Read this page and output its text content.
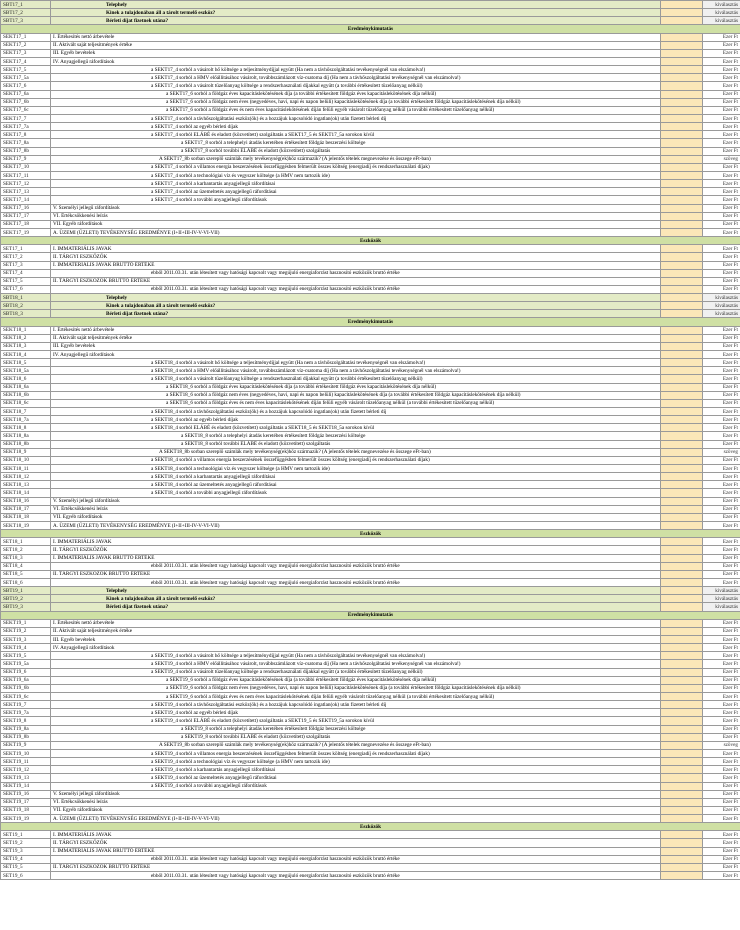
SBT17_1	Telephely		kiválasztás
SBT17_2	Kinek a tulajdonában áll a tárolt termelő eszköz?		kiválasztás
SBT17_3	Bérleti díjat fizetnek utána?		kiválasztás
Eredménykimutatás			
SEKT17_1	I. Értékesítés nettó árbevétele		Ezer Ft
SEKT17_2	II. Aktivált saját teljesítmények értéke		Ezer Ft
SEKT17_3	III. Egyéb bevételek		Ezer Ft
SEKT17_4	IV. Anyagjellegű ráfordítások		Ezer Ft
SEKT17_5	a SEKT17_4 sorból a vásárolt hő költsége a teljesítménydíjjal együtt (Ha nem a távhőszolgáltatási tevékenységnél van elszámolva!)		Ezer Ft
SEKT17_5a	a SEKT17_4 sorból a HMV előállításához vásárolt, továbbszámlázott víz-csatorna díj (Ha nem a távhőszolgáltatási tevékenységnél van elszámolva!)		Ezer Ft
SEKT17_6	a SEKT17_4 sorból a vásárolt tüzelőanyag költsége a rendszerhasználati díjakkal együtt (a további értékesített tüzelőanyag nélkül)		Ezer Ft
SEKT17_6a	a SEKT17_6 sorból a földgáz éves kapacitáslekötésének díja (a további értékesített földgáz éves kapacitáslekötésének díja nélkül)		Ezer Ft
SEKT17_6b	a SEKT17_6 sorból a földgáz nem éves (negyedéves, havi, napi és napon belüli) kapacitáslekötésének díja (a további értékesített földgáz kapacitáslekötésének díja nélkül)		Ezer Ft
SEKT17_6c	a SEKT17_6 sorból a földgáz éves és nem éves kapacitáslekötésének díján felüli egyéb vásárolt tüzelőanyag nélkül (a további értékesített tüzelőanyag nélkül)		Ezer Ft
SEKT17_7	a SEKT17_4 sorból a távhőszolgáltatási eszköz(ök) és a hozzájuk kapcsolódó ingatlan(ok) után fizetett bérleti díj		Ezer Ft
SEKT17_7a	a SEKT17_4 sorból az egyéb bérleti díjak		Ezer Ft
SEKT17_8	a SEKT17_4 sorból ELÁBÉ és eladott (közvetített) szolgáltatás a SEKT17_5 és SEKT17_5a sorokon kívül		Ezer Ft
SEKT17_8a	a SEKT17_8 sorból a telephelyi átadás keretében értékesített földgáz beszerzési költsége		Ezer Ft
SEKT17_8b	a SEKT17_8 sorból további ELÁBÉ és eladott (közvetített) szolgáltatás		Ezer Ft
SEKT17_9	A SEKT17_8b sorban szereplő számlák mely tevékenység(ek)höz származik? (A jelentős tételek megnevezése és összege eFt-ban)		szöveg
SEKT17_10	a SEKT17_4 sorból a villamos energia beszerzésének összefüggésben felmerült összes költség (energiadíj és rendszerhasználati díjak)		Ezer Ft
SEKT17_11	a SEKT17_4 sorból a technológiai víz és vegyszer költsége (a HMV nem tartozik ide)		Ezer Ft
SEKT17_12	a SEKT17_4 sorból a karbantartás anyagjellegű ráfordításai		Ezer Ft
SEKT17_13	a SEKT17_4 sorból az üzemeltetés anyagjellegű ráfordításai		Ezer Ft
SEKT17_14	a SEKT17_4 sorból a további anyagjellegű ráfordítások		Ezer Ft
SEKT17_16	V. Személyi jellegű ráfordítások		Ezer Ft
SEKT17_17	VI. Értékcsökkenési leírás		Ezer Ft
SEKT17_18	VII. Egyéb ráfordítások		Ezer Ft
SEKT17_19	A. ÜZEMI (ÜZLETI) TEVÉKENYSÉG EREDMÉNYE (I+II+III-IV-V-VI-VII)		Ezer Ft
Eszközök			
SET17_1	I. IMMATERIÁLIS JAVAK		Ezer Ft
SET17_2	II. TÁRGYI ESZKÖZÖK		Ezer Ft
SET17_3	I. IMMATERIÁLIS JAVAK BRUTTÓ ÉRTÉKE		Ezer Ft
SET17_4	ebből 2011.03.31. után létesített vagy hatósági kapcsolt vagy megújuló energiaforrást hasznosító eszközök bruttó értéke		Ezer Ft
SET17_5	II. TÁRGYI ESZKÖZÖK BRUTTÓ ÉRTÉKE		Ezer Ft
SET17_6	ebből 2011.03.31. után létesített vagy hatósági kapcsolt vagy megújuló energiaforrást hasznosító eszközök bruttó értéke		Ezer Ft
SBT18_1	Telephely		kiválasztás
SBT18_2	Kinek a tulajdonában áll a tárolt termelő eszköz?		kiválasztás
SBT18_3	Bérleti díjat fizetnek utána?		kiválasztás
Eredménykimutatás			
SEKT18_1	I. Értékesítés nettó árbevétele		Ezer Ft
SEKT18_2	II. Aktivált saját teljesítmények értéke		Ezer Ft
SEKT18_3	III. Egyéb bevételek		Ezer Ft
SEKT18_4	IV. Anyagjellegű ráfordítások		Ezer Ft
SEKT18_5	a SEKT18_4 sorból a vásárolt hő költsége a teljesítménydíjjal együtt (Ha nem a távhőszolgáltatási tevékenységnél van elszámolva!)		Ezer Ft
SEKT18_5a	a SEKT18_4 sorból a HMV előállításához vásárolt, továbbszámlázott víz-csatorna díj (Ha nem a távhőszolgáltatási tevékenységnél van elszámolva!)		Ezer Ft
SEKT18_6	a SEKT18_4 sorból a vásárolt tüzelőanyag költsége a rendszerhasználati díjakkal együtt (a további értékesített tüzelőanyag nélkül)		Ezer Ft
SEKT18_6a	a SEKT18_6 sorból a földgáz éves kapacitáslekötésének díja (a további értékesített földgáz éves kapacitáslekötésének díja nélkül)		Ezer Ft
SEKT18_6b	a SEKT18_6 sorból a földgáz nem éves (negyedéves, havi, napi és napon belüli) kapacitáslekötésének díja (a további értékesített földgáz kapacitáslekötésének díja nélkül)		Ezer Ft
SEKT18_6c	a SEKT18_6 sorból a földgáz éves és nem éves kapacitáslekötésének díján felüli egyéb vásárolt tüzelőanyag nélkül (a további értékesített tüzelőanyag nélkül)		Ezer Ft
SEKT18_7	a SEKT18_4 sorból a távhőszolgáltatási eszköz(ök) és a hozzájuk kapcsolódó ingatlan(ok) után fizetett bérleti díj		Ezer Ft
SEKT18_7a	a SEKT18_4 sorból az egyéb bérleti díjak		Ezer Ft
SEKT18_8	a SEKT18_4 sorból ELÁBÉ és eladott (közvetített) szolgáltatás a SEKT18_5 és SEKT18_5a sorokon kívül		Ezer Ft
SEKT18_8a	a SEKT18_8 sorból a telephelyi átadás keretében értékesített földgáz beszerzési költsége		Ezer Ft
SEKT18_8b	a SEKT18_8 sorból további ELÁBÉ és eladott (közvetített) szolgáltatás		Ezer Ft
SEKT18_9	A SEKT18_8b sorban szereplő számlák mely tevékenység(ek)höz származik? (A jelentős tételek megnevezése és összege eFt-ban)		szöveg
SEKT18_10	a SEKT18_4 sorból a villamos energia beszerzésének összefüggésben felmerült összes költség (energiadíj és rendszerhasználati díjak)		Ezer Ft
SEKT18_11	a SEKT18_4 sorból a technológiai víz és vegyszer költsége (a HMV nem tartozik ide)		Ezer Ft
SEKT18_12	a SEKT18_4 sorból a karbantartás anyagjellegű ráfordításai		Ezer Ft
SEKT18_13	a SEKT18_4 sorból az üzemeltetés anyagjellegű ráfordításai		Ezer Ft
SEKT18_14	a SEKT18_4 sorból a további anyagjellegű ráfordítások		Ezer Ft
SEKT18_16	V. Személyi jellegű ráfordítások		Ezer Ft
SEKT18_17	VI. Értékcsökkenési leírás		Ezer Ft
SEKT18_18	VII. Egyéb ráfordítások		Ezer Ft
SEKT18_19	A. ÜZEMI (ÜZLETI) TEVÉKENYSÉG EREDMÉNYE (I+II+III-IV-V-VI-VII)		Ezer Ft
Eszközök			
SET18_1	I. IMMATERIÁLIS JAVAK		Ezer Ft
SET18_2	II. TÁRGYI ESZKÖZÖK		Ezer Ft
SET18_3	I. IMMATERIÁLIS JAVAK BRUTTÓ ÉRTÉKE		Ezer Ft
SET18_4	ebből 2011.03.31. után létesített vagy hatósági kapcsolt vagy megújuló energiaforrást hasznosító eszközök bruttó értéke		Ezer Ft
SET18_5	II. TÁRGYI ESZKÖZÖK BRUTTÓ ÉRTÉKE		Ezer Ft
SET18_6	ebből 2011.03.31. után létesített vagy hatósági kapcsolt vagy megújuló energiaforrást hasznosító eszközök bruttó értéke		Ezer Ft
SBT19_1	Telephely		kiválasztás
SBT19_2	Kinek a tulajdonában áll a tárolt termelő eszköz?		kiválasztás
SBT19_3	Bérleti díjat fizetnek utána?		kiválasztás
Eredménykimutatás			
SEKT19_1	I. Értékesítés nettó árbevétele		Ezer Ft
SEKT19_2	II. Aktivált saját teljesítmények értéke		Ezer Ft
SEKT19_3	III. Egyéb bevételek		Ezer Ft
SEKT19_4	IV. Anyagjellegű ráfordítások		Ezer Ft
SEKT19_5	a SEKT19_4 sorból a vásárolt hő költsége a teljesítménydíjjal együtt (Ha nem a távhőszolgáltatási tevékenységnél van elszámolva!)		Ezer Ft
SEKT19_5a	a SEKT19_4 sorból a HMV előállításához vásárolt, továbbszámlázott víz-csatorna díj (Ha nem a távhőszolgáltatási tevékenységnél van elszámolva!)		Ezer Ft
SEKT19_6	a SEKT19_4 sorból a vásárolt tüzelőanyag költsége a rendszerhasználati díjakkal együtt (a további értékesített tüzelőanyag nélkül)		Ezer Ft
SEKT19_6a	a SEKT19_6 sorból a földgáz éves kapacitáslekötésének díja (a további értékesített földgáz éves kapacitáslekötésének díja nélkül)		Ezer Ft
SEKT19_6b	a SEKT19_6 sorból a földgáz nem éves (negyedéves, havi, napi és napon belüli) kapacitáslekötésének díja (a további értékesített földgáz kapacitáslekötésének díja nélkül)		Ezer Ft
SEKT19_6c	a SEKT19_6 sorból a földgáz éves és nem éves kapacitáslekötésének díján felüli egyéb vásárolt tüzelőanyag nélkül (a további értékesített tüzelőanyag nélkül)		Ezer Ft
SEKT19_7	a SEKT19_4 sorból a távhőszolgáltatási eszköz(ök) és a hozzájuk kapcsolódó ingatlan(ok) után fizetett bérleti díj		Ezer Ft
SEKT19_7a	a SEKT19_4 sorból az egyéb bérleti díjak		Ezer Ft
SEKT19_8	a SEKT19_4 sorból ELÁBÉ és eladott (közvetített) szolgáltatás a SEKT19_5 és SEKT19_5a sorokon kívül		Ezer Ft
SEKT19_8a	a SEKT19_8 sorból a telephelyi átadás keretében értékesített földgáz beszerzési költsége		Ezer Ft
SEKT19_8b	a SEKT19_8 sorból további ELÁBÉ és eladott (közvetített) szolgáltatás		Ezer Ft
SEKT19_9	A SEKT19_8b sorban szereplő számlák mely tevékenység(ek)höz származik? (A jelentős tételek megnevezése és összege eFt-ban)		szöveg
SEKT19_10	a SEKT19_4 sorból a villamos energia beszerzésének összefüggésben felmerült összes költség (energiadíj és rendszerhasználati díjak)		Ezer Ft
SEKT19_11	a SEKT19_4 sorból a technológiai víz és vegyszer költsége (a HMV nem tartozik ide)		Ezer Ft
SEKT19_12	a SEKT19_4 sorból a karbantartás anyagjellegű ráfordításai		Ezer Ft
SEKT19_13	a SEKT19_4 sorból az üzemeltetés anyagjellegű ráfordításai		Ezer Ft
SEKT19_14	a SEKT19_4 sorból a további anyagjellegű ráfordítások		Ezer Ft
SEKT19_16	V. Személyi jellegű ráfordítások		Ezer Ft
SEKT19_17	VI. Értékcsökkenési leírás		Ezer Ft
SEKT19_18	VII. Egyéb ráfordítások		Ezer Ft
SEKT19_19	A. ÜZEMI (ÜZLETI) TEVÉKENYSÉG EREDMÉNYE (I+II+III-IV-V-VI-VII)		Ezer Ft
Eszközök			
SET19_1	I. IMMATERIÁLIS JAVAK		Ezer Ft
SET19_2	II. TÁRGYI ESZKÖZÖK		Ezer Ft
SET19_3	I. IMMATERIÁLIS JAVAK BRUTTÓ ÉRTÉKE		Ezer Ft
SET19_4	ebből 2011.03.31. után létesített vagy hatósági kapcsolt vagy megújuló energiaforrást hasznosító eszközök bruttó értéke		Ezer Ft
SET19_5	II. TÁRGYI ESZKÖZÖK BRUTTÓ ÉRTÉKE		Ezer Ft
SET19_6	ebből 2011.03.31. után létesített vagy hatósági kapcsolt vagy megújuló energiaforrást hasznosító eszközök bruttó értéke		Ezer Ft
